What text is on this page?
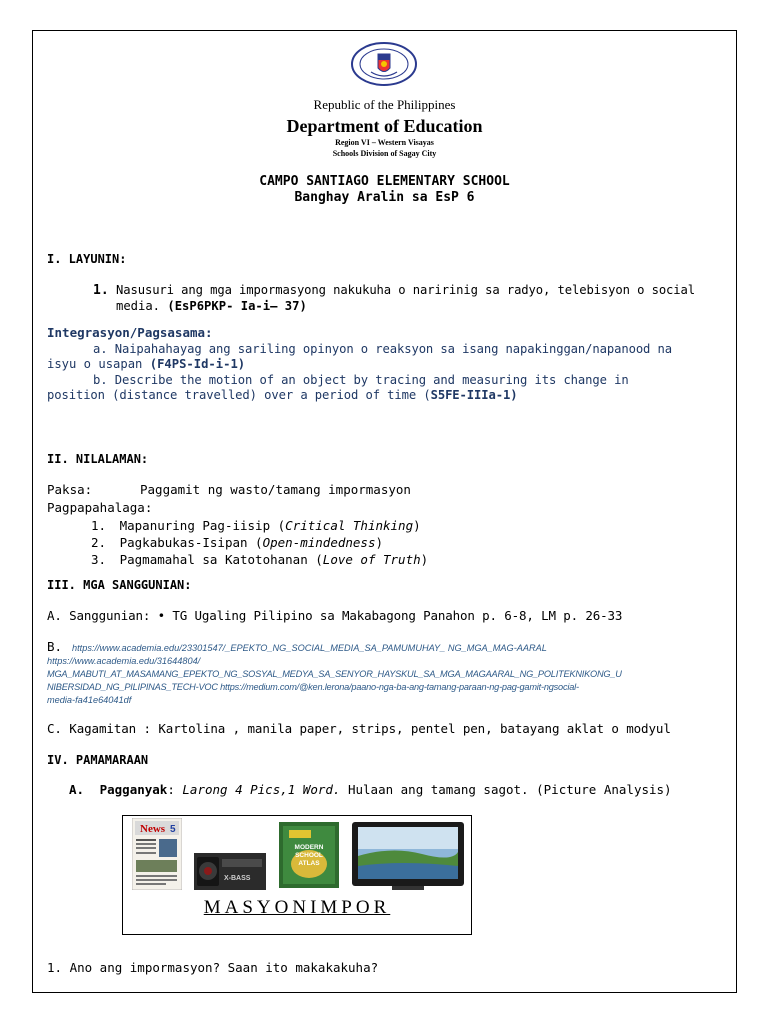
Republic of the Philippines
Department of Education
Region VI – Western Visayas
Schools Division of Sagay City
CAMPO SANTIAGO ELEMENTARY SCHOOL
Banghay Aralin sa EsP 6
I. LAYUNIN:
1. Nasusuri ang mga impormasyong nakukuha o naririnig sa radyo, telebisyon o social
media. (EsP6PKP- Ia-i– 37)
Integrasyon/Pagsasama:
a. Naipahahayag ang sariling opinyon o reaksyon sa isang napakinggan/napanood na
isyu o usapan (F4PS-Id-i-1)
b. Describe the motion of an object by tracing and measuring its change in
position (distance travelled) over a period of time (S5FE-IIIa-1)
II. NILALAMAN:
Paksa:	Paggamit ng wasto/tamang impormasyon
Pagpapahalaga:
1. Mapanuring Pag-iisip (Critical Thinking)
2. Pagkabukas-Isipan (Open-mindedness)
3. Pagmamahal sa Katotohanan (Love of Truth)
III. MGA SANGGUNIAN:
A. Sanggunian: • TG Ugaling Pilipino sa Makabagong Panahon p. 6-8, LM p. 26-33
B. https://www.academia.edu/23301547/_EPEKTO_NG_SOCIAL_MEDIA_SA_PAMUMUHAY_ NG_MGA_MAG-AARAL
https://www.academia.edu/31644804/
MGA_MABUTI_AT_MASAMANG_EPEKTO_NG_SOSYAL_MEDYA_SA_SENYOR_HAYSKUL_SA_MGA_MAGAARAL_NG_POLITEKNIKONG_U
NIBERSIDAD_NG_PILIPINAS_TECH-VOC https://medium.com/@ken.lerona/paano-nga-ba-ang-tamang-paraan-ng-pag-gamit-ngsocial-
media-fa41e64041df
C. Kagamitan : Kartolina , manila paper, strips, pentel pen, batayang aklat o modyul
IV. PAMAMARAAN
A. Pagganyak: Larong 4 Pics,1 Word. Hulaan ang tamang sagot. (Picture Analysis)
News 5
X-BASS
MODERN
SCHOOL
ATLAS
MASYONIMPOR
1. Ano ang impormasyon? Saan ito makakakuha?
